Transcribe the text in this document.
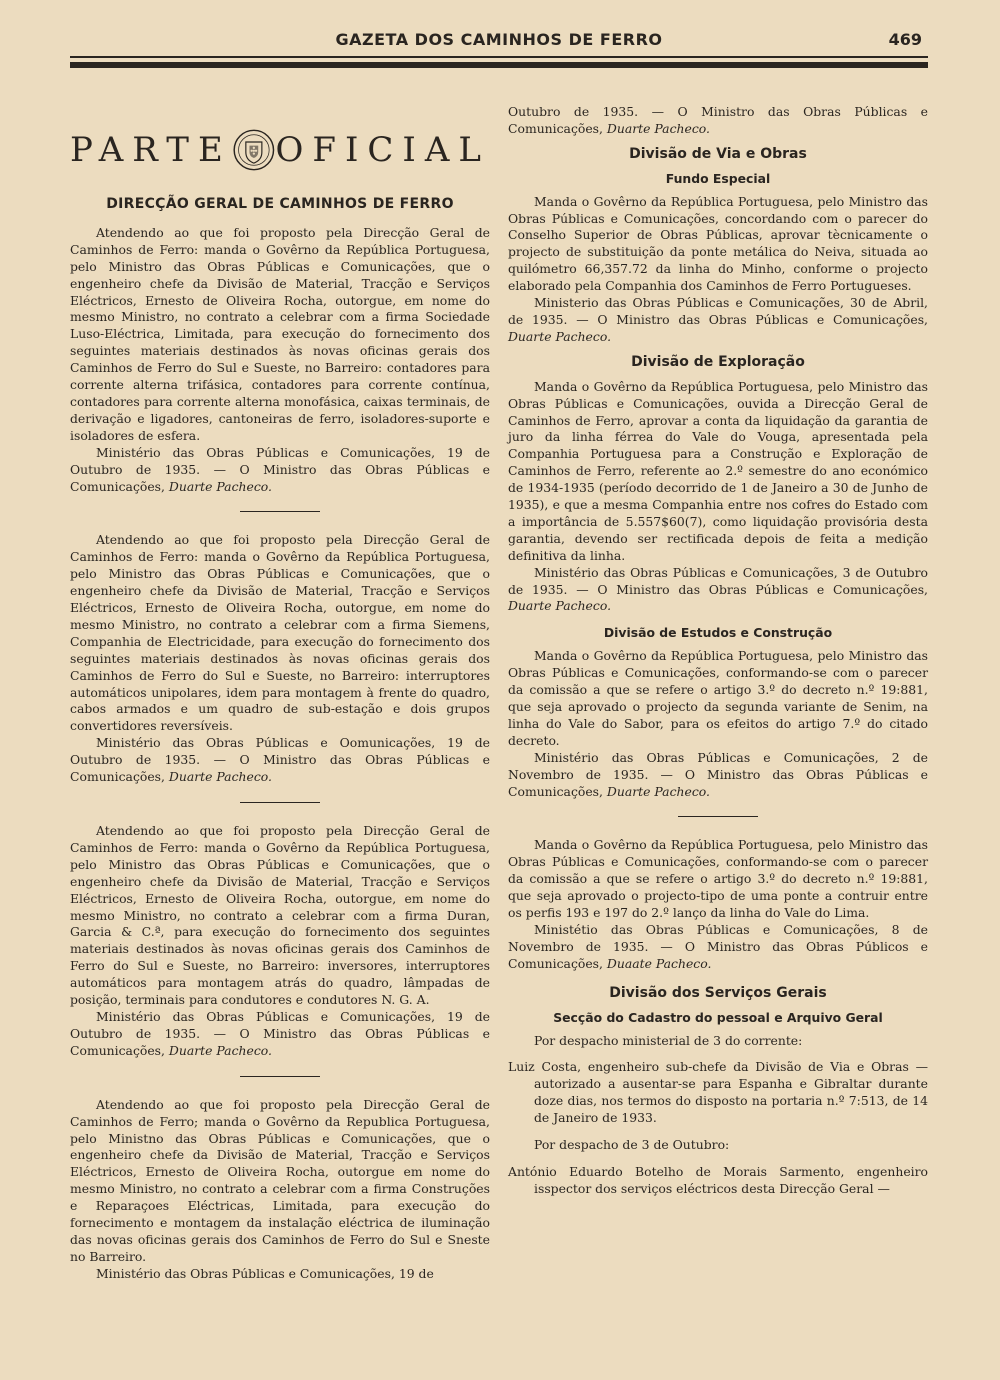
GAZETA DOS CAMINHOS DE FERRO	469
PARTE OFICIAL
DIRECÇÃO GERAL DE CAMINHOS DE FERRO

Atendendo ao que foi proposto pela Direcção Geral de Caminhos de Ferro: manda o Govêrno da República Portuguesa, pelo Ministro das Obras Públicas e Comunicações, que o engenheiro chefe da Divisão de Material, Tracção e Serviços Eléctricos, Ernesto de Oliveira Rocha, outorgue, em nome do mesmo Ministro, no contrato a celebrar com a firma Sociedade Luso-Eléctrica, Limitada, para execução do fornecimento dos seguintes materiais destinados às novas oficinas gerais dos Caminhos de Ferro do Sul e Sueste, no Barreiro: contadores para corrente alterna trifásica, contadores para corrente contínua, contadores para corrente alterna monofásica, caixas terminais, de derivação e ligadores, cantoneiras de ferro, isoladores-suporte e isoladores de esfera.

Ministério das Obras Públicas e Comunicações, 19 de Outubro de 1935. — O Ministro das Obras Públicas e Comunicações, Duarte Pacheco.

Atendendo ao que foi proposto pela Direcção Geral de Caminhos de Ferro: manda o Govêrno da República Portuguesa, pelo Ministro das Obras Públicas e Comunicações, que o engenheiro chefe da Divisão de Material, Tracção e Serviços Eléctricos, Ernesto de Oliveira Rocha, outorgue, em nome do mesmo Ministro, no contrato a celebrar com a firma Siemens, Companhia de Electricidade, para execução do fornecimento dos seguintes materiais destinados às novas oficinas gerais dos Caminhos de Ferro do Sul e Sueste, no Barreiro: interruptores automáticos unipolares, idem para montagem à frente do quadro, cabos armados e um quadro de sub-estação e dois grupos convertidores reversíveis.

Ministério das Obras Públicas e Oomunicações, 19 de Outubro de 1935. — O Ministro das Obras Públicas e Comunicações, Duarte Pacheco.

Atendendo ao que foi proposto pela Direcção Geral de Caminhos de Ferro: manda o Govêrno da República Portuguesa, pelo Ministro das Obras Públicas e Comunicações, que o engenheiro chefe da Divisão de Material, Tracção e Serviços Eléctricos, Ernesto de Oliveira Rocha, outorgue, em nome do mesmo Ministro, no contrato a celebrar com a firma Duran, Garcia & C.ª, para execução do fornecimento dos seguintes materiais destinados às novas oficinas gerais dos Caminhos de Ferro do Sul e Sueste, no Barreiro: inversores, interruptores automáticos para montagem atrás do quadro, lâmpadas de posição, terminais para condutores e condutores N. G. A.

Ministério das Obras Públicas e Comunicações, 19 de Outubro de 1935. — O Ministro das Obras Públicas e Comunicações, Duarte Pacheco.

Atendendo ao que foi proposto pela Direcção Geral de Caminhos de Ferro; manda o Govêrno da Republica Portuguesa, pelo Ministno das Obras Públicas e Comunicações, que o engenheiro chefe da Divisão de Material, Tracção e Serviços Eléctricos, Ernesto de Oliveira Rocha, outorgue em nome do mesmo Ministro, no contrato a celebrar com a firma Construções e Reparaçoes Eléctricas, Limitada, para execução do fornecimento e montagem da instalação eléctrica de iluminação das novas oficinas gerais dos Caminhos de Ferro do Sul e Sneste no Barreiro.

Ministério das Obras Públicas e Comunicações, 19 de

Outubro de 1935. — O Ministro das Obras Públicas e Comunicações, Duarte Pacheco.

Divisão de Via e Obras
Fundo Especial

Manda o Govêrno da República Portuguesa, pelo Ministro das Obras Públicas e Comunicações, concordando com o parecer do Conselho Superior de Obras Públicas, aprovar tècnicamente o projecto de substituição da ponte metálica do Neiva, situada ao quilómetro 66,357.72 da linha do Minho, conforme o projecto elaborado pela Companhia dos Caminhos de Ferro Portugueses.

Ministerio das Obras Públicas e Comunicações, 30 de Abril, de 1935. — O Ministro das Obras Públicas e Comunicações, Duarte Pacheco.

Divisão de Exploração

Manda o Govêrno da República Portuguesa, pelo Ministro das Obras Públicas e Comunicações, ouvida a Direcção Geral de Caminhos de Ferro, aprovar a conta da liquidação da garantia de juro da linha férrea do Vale do Vouga, apresentada pela Companhia Portuguesa para a Construção e Exploração de Caminhos de Ferro, referente ao 2.º semestre do ano económico de 1934-1935 (período decorrido de 1 de Janeiro a 30 de Junho de 1935), e que a mesma Companhia entre nos cofres do Estado com a importância de 5.557$60(7), como liquidação provisória desta garantia, devendo ser rectificada depois de feita a medição definitiva da linha.

Ministério das Obras Públicas e Comunicações, 3 de Outubro de 1935. — O Ministro das Obras Públicas e Comunicações, Duarte Pacheco.

Divisão de Estudos e Construção

Manda o Govêrno da República Portuguesa, pelo Ministro das Obras Públicas e Comunicações, conformando-se com o parecer da comissão a que se refere o artigo 3.º do decreto n.º 19:881, que seja aprovado o projecto da segunda variante de Senim, na linha do Vale do Sabor, para os efeitos do artigo 7.º do citado decreto.

Ministério das Obras Públicas e Comunicações, 2 de Novembro de 1935. — O Ministro das Obras Públicas e Comunicações, Duarte Pacheco.

Manda o Govêrno da República Portuguesa, pelo Ministro das Obras Públicas e Comunicações, conformando-se com o parecer da comissão a que se refere o artigo 3.º do decreto n.º 19:881, que seja aprovado o projecto-tipo de uma ponte a contruir entre os perfis 193 e 197 do 2.º lanço da linha do Vale do Lima.

Ministétio das Obras Públicas e Comunicações, 8 de Novembro de 1935. — O Ministro das Obras Públicos e Comunicações, Duaate Pacheco.

Divisão dos Serviços Gerais
Secção do Cadastro do pessoal e Arquivo Geral

Por despacho ministerial de 3 do corrente:

Luiz Costa, engenheiro sub-chefe da Divisão de Via e Obras — autorizado a ausentar-se para Espanha e Gibraltar durante doze dias, nos termos do disposto na portaria n.º 7:513, de 14 de Janeiro de 1933.

Por despacho de 3 de Outubro:

António Eduardo Botelho de Morais Sarmento, engenheiro isspector dos serviços eléctricos desta Direcção Geral —
